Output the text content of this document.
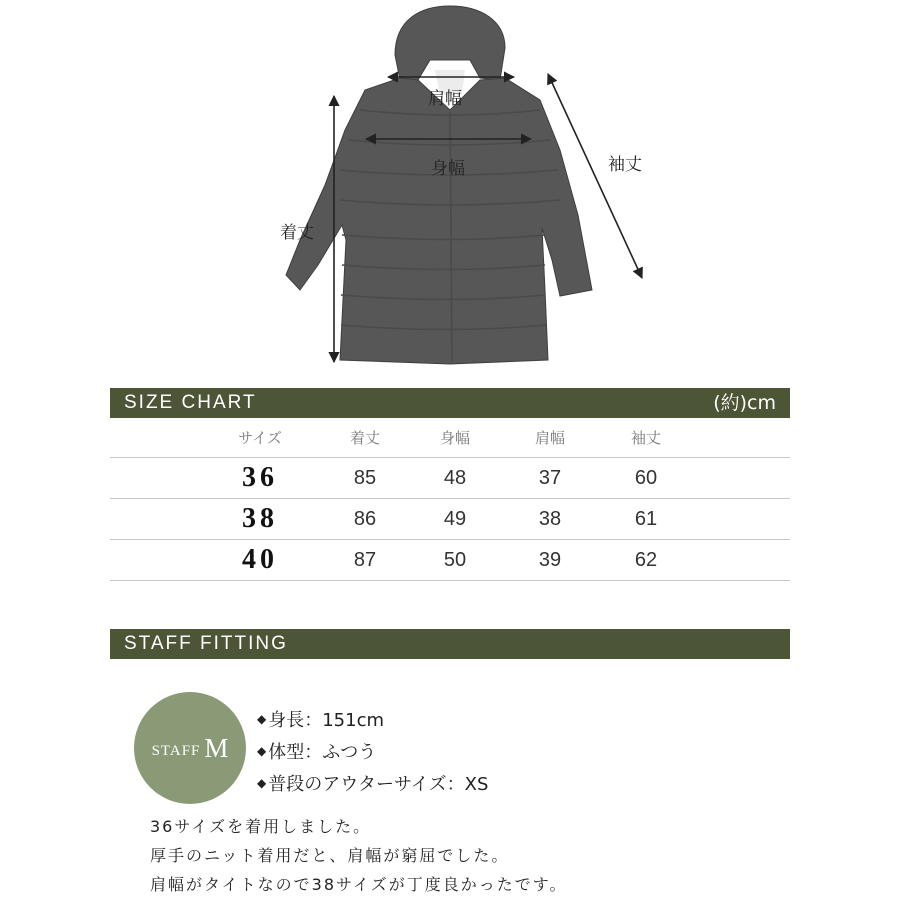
肩幅
身幅	袖丈
着丈
SIZE CHART	(約)cm
サイズ	着丈	身幅	肩幅	袖丈
36	85	48	37	60
38	86	49	38	61
40	87	50	39	62
STAFF FITTING
STAFF M
◆ 身長：151cm
◆ 体型：ふつう
◆ 普段のアウターサイズ：XS
36サイズを着用しました。
厚手のニット着用だと、肩幅が窮屈でした。
肩幅がタイトなので38サイズが丁度良かったです。
